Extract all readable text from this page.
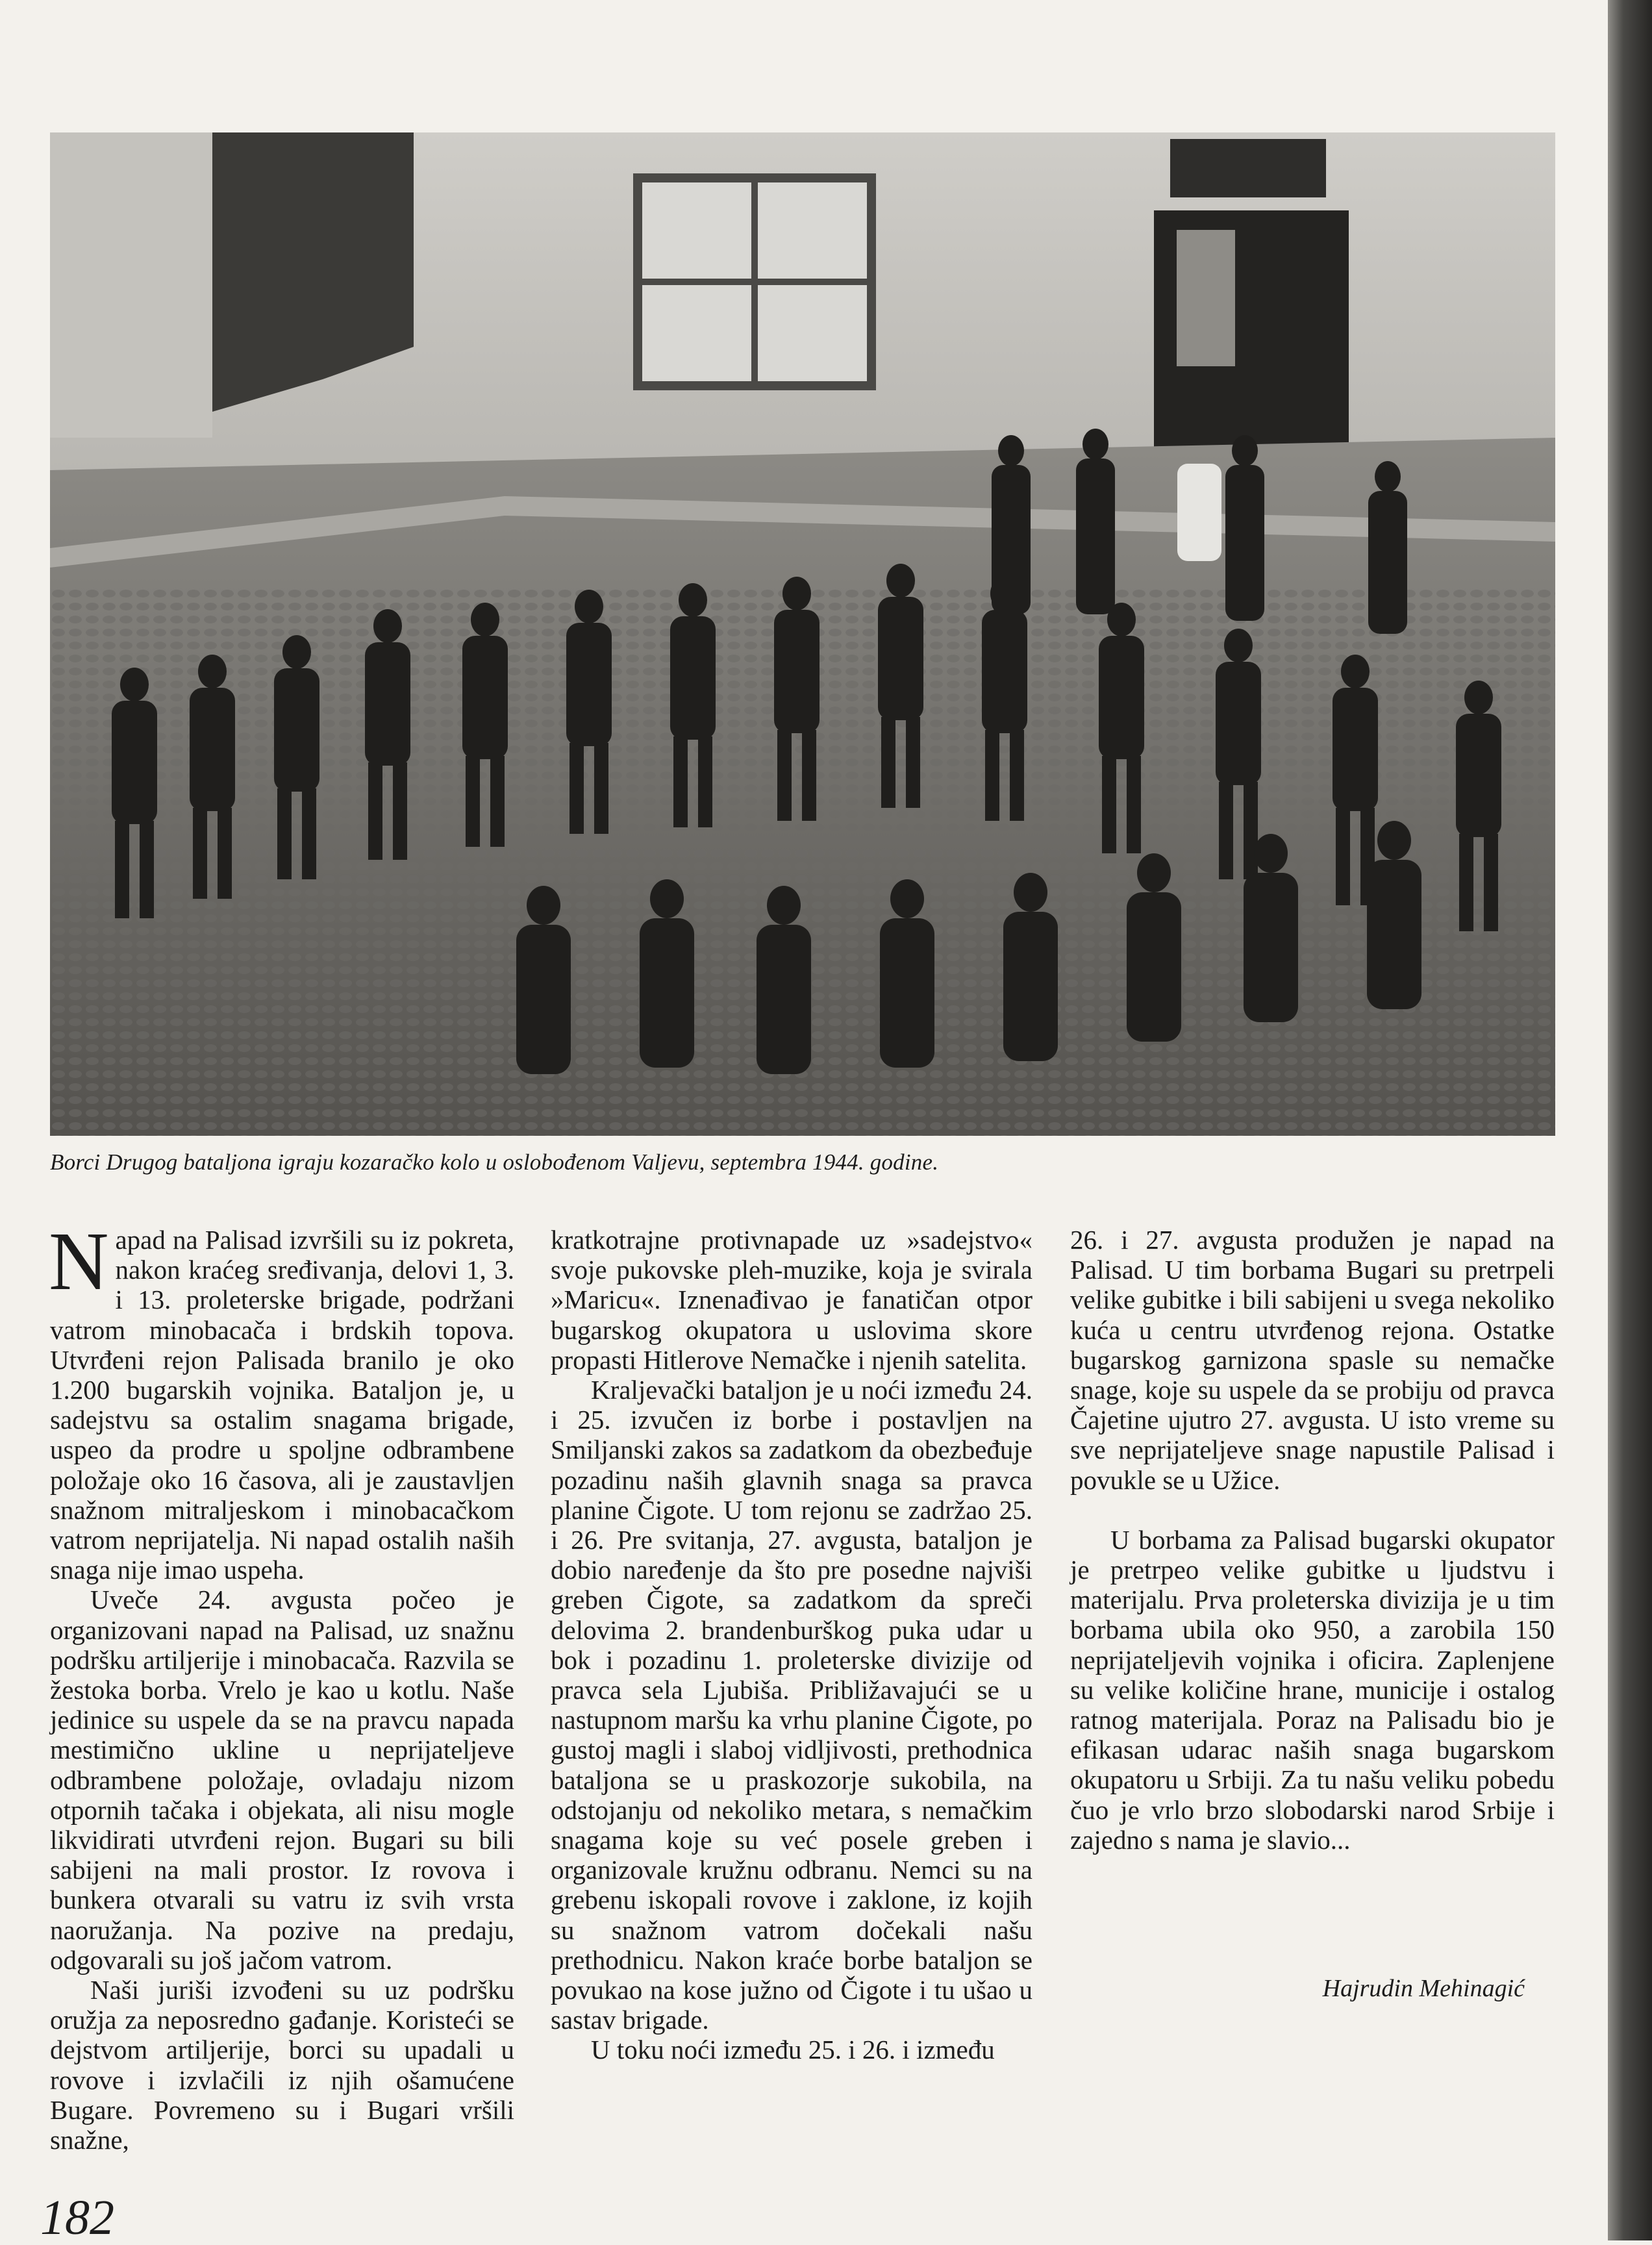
Borci Drugog bataljona igraju kozaračko kolo u oslobođenom Valjevu, septembra 1944. godine.

Napad na Palisad izvršili su iz pokreta, nakon kraćeg sređivanja, delovi 1, 3. i 13. proleterske brigade, podržani vatrom minobacača i brdskih topova. Utvrđeni rejon Palisada branilo je oko 1.200 bugarskih vojnika. Bataljon je, u sadejstvu sa ostalim snagama brigade, uspeo da prodre u spoljne odbrambene položaje oko 16 časova, ali je zaustavljen snažnom mitraljeskom i minobacačkom vatrom neprijatelja. Ni napad ostalih naših snaga nije imao uspeha.

Uveče 24. avgusta počeo je organizovani napad na Palisad, uz snažnu podršku artiljerije i minobacača. Razvila se žestoka borba. Vrelo je kao u kotlu. Naše jedinice su uspele da se na pravcu napada mestimično ukline u neprijateljeve odbrambene položaje, ovladaju nizom otpornih tačaka i objekata, ali nisu mogle likvidirati utvrđeni rejon. Bugari su bili sabijeni na mali prostor. Iz rovova i bunkera otvarali su vatru iz svih vrsta naoružanja. Na pozive na predaju, odgovarali su još jačom vatrom.

Naši juriši izvođeni su uz podršku oružja za neposredno gađanje. Koristeći se dejstvom artiljerije, borci su upadali u rovove i izvlačili iz njih ošamućene Bugare. Povremeno su i Bugari vršili snažne,

kratkotrajne protivnapade uz »sadejstvo« svoje pukovske pleh-muzike, koja je svirala »Maricu«. Iznenađivao je fanatičan otpor bugarskog okupatora u uslovima skore propasti Hitlerove Nemačke i njenih satelita.

Kraljevački bataljon je u noći između 24. i 25. izvučen iz borbe i postavljen na Smiljanski zakos sa zadatkom da obezbeđuje pozadinu naših glavnih snaga sa pravca planine Čigote. U tom rejonu se zadržao 25. i 26. Pre svitanja, 27. avgusta, bataljon je dobio naređenje da što pre posedne najviši greben Čigote, sa zadatkom da spreči delovima 2. brandenburškog puka udar u bok i pozadinu 1. proleterske divizije od pravca sela Ljubiša. Približavajući se u nastupnom maršu ka vrhu planine Čigote, po gustoj magli i slaboj vidljivosti, prethodnica bataljona se u praskozorje sukobila, na odstojanju od nekoliko metara, s nemačkim snagama koje su već posele greben i organizovale kružnu odbranu. Nemci su na grebenu iskopali rovove i zaklone, iz kojih su snažnom vatrom dočekali našu prethodnicu. Nakon kraće borbe bataljon se povukao na kose južno od Čigote i tu ušao u sastav brigade.

U toku noći između 25. i 26. i između

26. i 27. avgusta produžen je napad na Palisad. U tim borbama Bugari su pretrpeli velike gubitke i bili sabijeni u svega nekoliko kuća u centru utvrđenog rejona. Ostatke bugarskog garnizona spasle su nemačke snage, koje su uspele da se probiju od pravca Čajetine ujutro 27. avgusta. U isto vreme su sve neprijateljeve snage napustile Palisad i povukle se u Užice.

U borbama za Palisad bugarski okupator je pretrpeo velike gubitke u ljudstvu i materijalu. Prva proleterska divizija je u tim borbama ubila oko 950, a zarobila 150 neprijateljevih vojnika i oficira. Zaplenjene su velike količine hrane, municije i ostalog ratnog materijala. Poraz na Palisadu bio je efikasan udarac naših snaga bugarskom okupatoru u Srbiji. Za tu našu veliku pobedu čuo je vrlo brzo slobodarski narod Srbije i zajedno s nama je slavio...

Hajrudin Mehinagić
182
